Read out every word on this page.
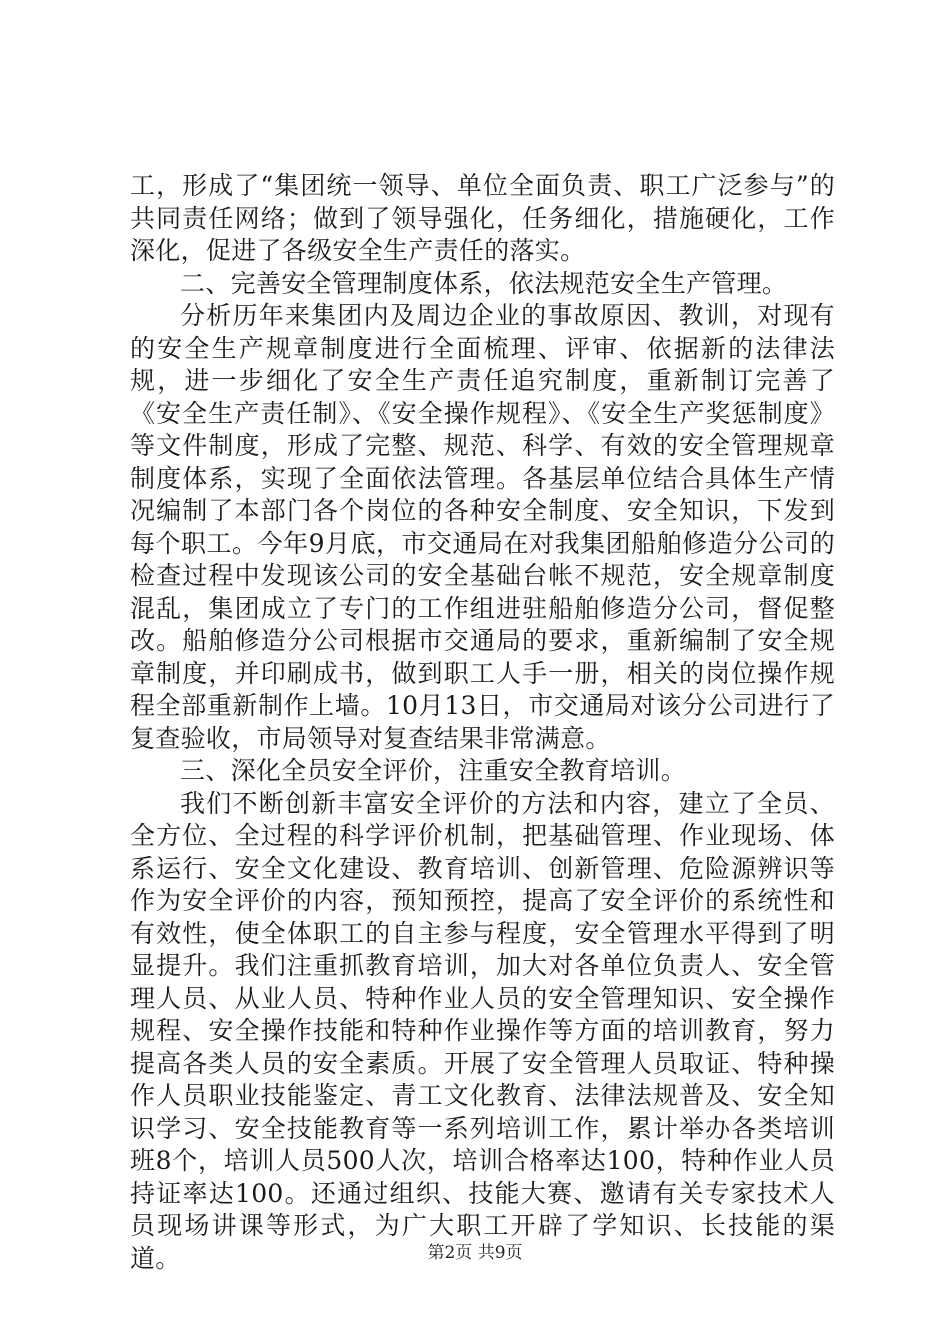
工，形成了“集团统一领导、单位全面负责、职工广泛参与”的共同责任网络；做到了领导强化，任务细化，措施硬化，工作深化，促进了各级安全生产责任的落实。

二、完善安全管理制度体系，依法规范安全生产管理。

分析历年来集团内及周边企业的事故原因、教训，对现有的安全生产规章制度进行全面梳理、评审、依据新的法律法规，进一步细化了安全生产责任追究制度，重新制订完善了《安全生产责任制》、《安全操作规程》、《安全生产奖惩制度》等文件制度，形成了完整、规范、科学、有效的安全管理规章制度体系，实现了全面依法管理。各基层单位结合具体生产情况编制了本部门各个岗位的各种安全制度、安全知识，下发到每个职工。今年9月底，市交通局在对我集团船舶修造分公司的检查过程中发现该公司的安全基础台帐不规范，安全规章制度混乱，集团成立了专门的工作组进驻船舶修造分公司，督促整改。船舶修造分公司根据市交通局的要求，重新编制了安全规章制度，并印刷成书，做到职工人手一册，相关的岗位操作规程全部重新制作上墙。10月13日，市交通局对该分公司进行了复查验收，市局领导对复查结果非常满意。

三、深化全员安全评价，注重安全教育培训。

我们不断创新丰富安全评价的方法和内容，建立了全员、全方位、全过程的科学评价机制，把基础管理、作业现场、体系运行、安全文化建设、教育培训、创新管理、危险源辨识等作为安全评价的内容，预知预控，提高了安全评价的系统性和有效性，使全体职工的自主参与程度，安全管理水平得到了明显提升。我们注重抓教育培训，加大对各单位负责人、安全管理人员、从业人员、特种作业人员的安全管理知识、安全操作规程、安全操作技能和特种作业操作等方面的培训教育，努力提高各类人员的安全素质。开展了安全管理人员取证、特种操作人员职业技能鉴定、青工文化教育、法律法规普及、安全知识学习、安全技能教育等一系列培训工作，累计举办各类培训班8个，培训人员500人次，培训合格率达100，特种作业人员持证率达100。还通过组织、技能大赛、邀请有关专家技术人员现场讲课等形式，为广大职工开辟了学知识、长技能的渠道。	第2页 共9页
